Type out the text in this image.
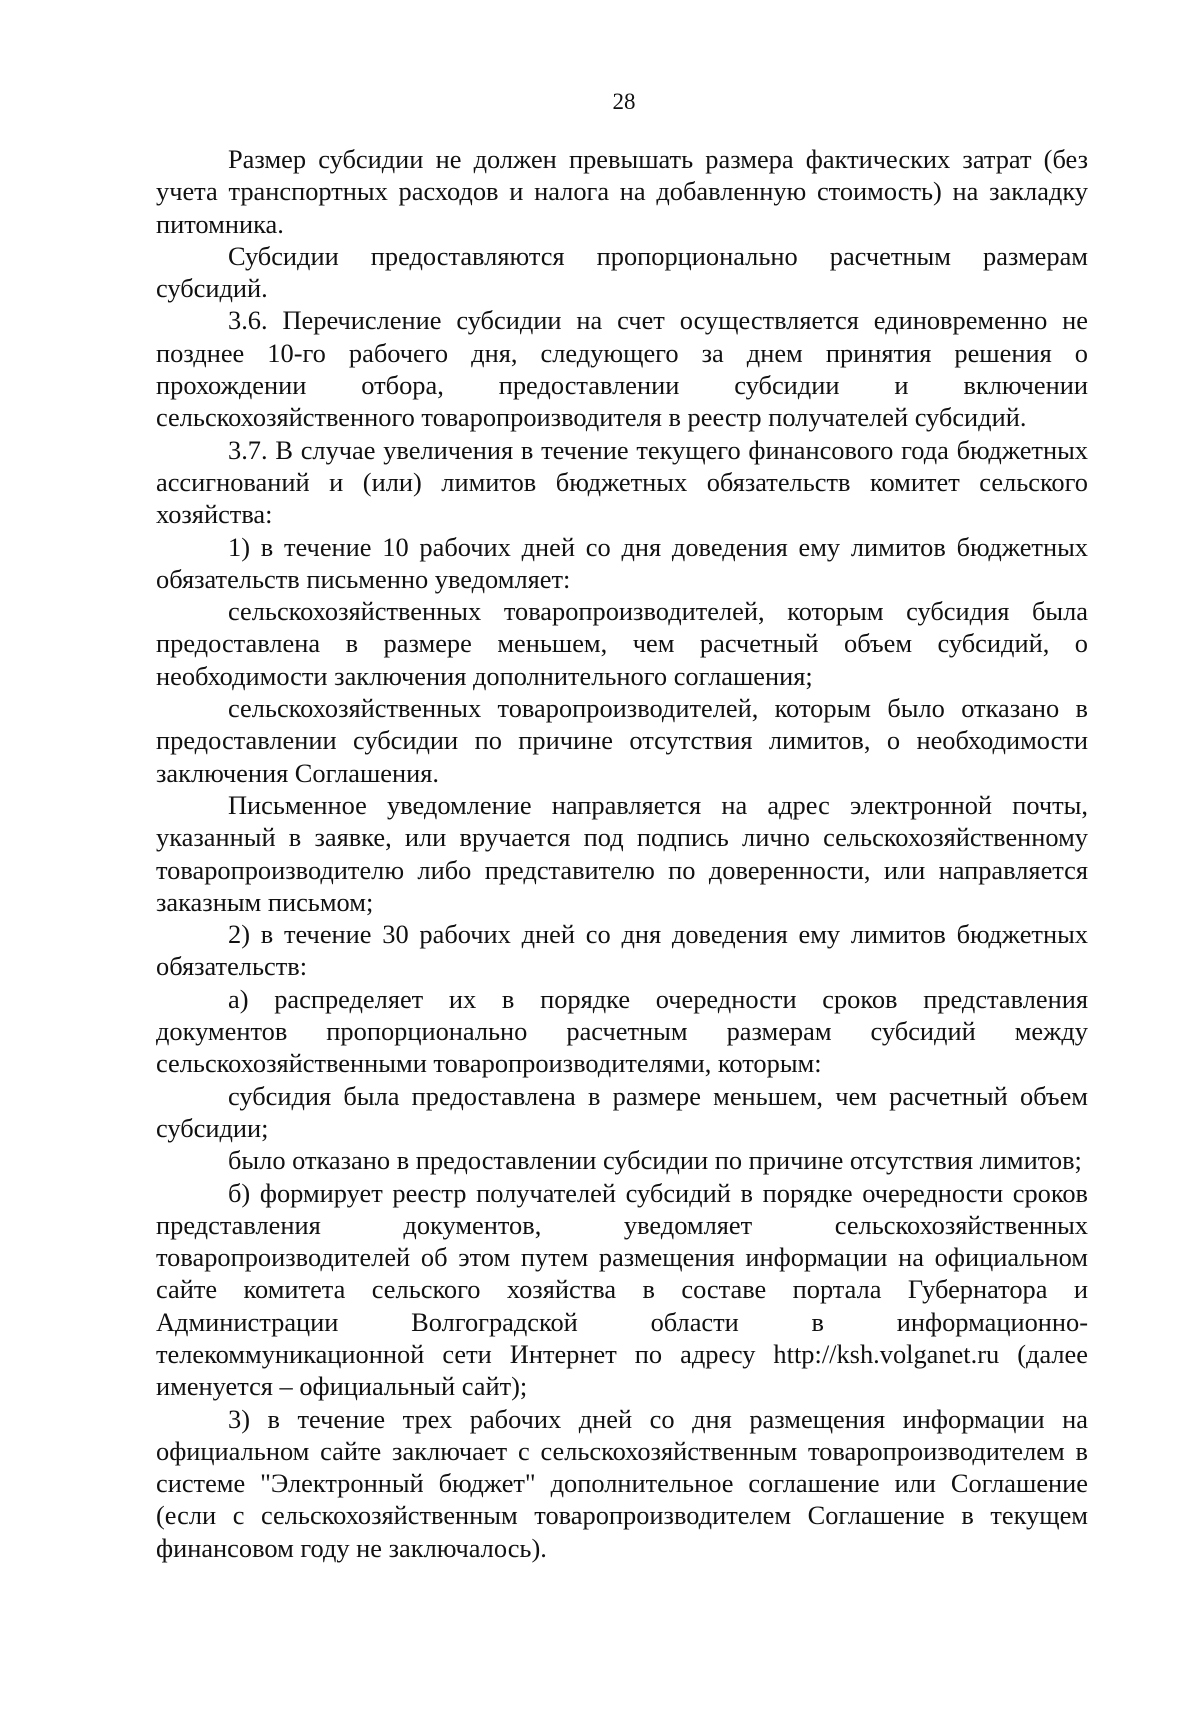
28

Размер субсидии не должен превышать размера фактических затрат (без учета транспортных расходов и налога на добавленную стоимость) на закладку питомника.

Субсидии предоставляются пропорционально расчетным размерам субсидий.

3.6. Перечисление субсидии на счет осуществляется единовременно не позднее 10-го рабочего дня, следующего за днем принятия решения о прохождении отбора, предоставлении субсидии и включении сельскохозяйственного товаропроизводителя в реестр получателей субсидий.

3.7. В случае увеличения в течение текущего финансового года бюджетных ассигнований и (или) лимитов бюджетных обязательств комитет сельского хозяйства:

1) в течение 10 рабочих дней со дня доведения ему лимитов бюджетных обязательств письменно уведомляет:

сельскохозяйственных товаропроизводителей, которым субсидия была предоставлена в размере меньшем, чем расчетный объем субсидий, о необходимости заключения дополнительного соглашения;

сельскохозяйственных товаропроизводителей, которым было отказано в предоставлении субсидии по причине отсутствия лимитов, о необходимости заключения Соглашения.

Письменное уведомление направляется на адрес электронной почты, указанный в заявке, или вручается под подпись лично сельскохозяйственному товаропроизводителю либо представителю по доверенности, или направляется заказным письмом;

2) в течение 30 рабочих дней со дня доведения ему лимитов бюджетных обязательств:

а) распределяет их в порядке очередности сроков представления документов пропорционально расчетным размерам субсидий между сельскохозяйственными товаропроизводителями, которым:

субсидия была предоставлена в размере меньшем, чем расчетный объем субсидии;

было отказано в предоставлении субсидии по причине отсутствия лимитов;

б) формирует реестр получателей субсидий в порядке очередности сроков представления документов, уведомляет сельскохозяйственных товаропроизводителей об этом путем размещения информации на официальном сайте комитета сельского хозяйства в составе портала Губернатора и Администрации Волгоградской области в информационно-телекоммуникационной сети Интернет по адресу http://ksh.volganet.ru (далее именуется – официальный сайт);

3) в течение трех рабочих дней со дня размещения информации на официальном сайте заключает с сельскохозяйственным товаропроизводителем в системе "Электронный бюджет" дополнительное соглашение или Соглашение (если с сельскохозяйственным товаропроизводителем Соглашение в текущем финансовом году не заключалось).
